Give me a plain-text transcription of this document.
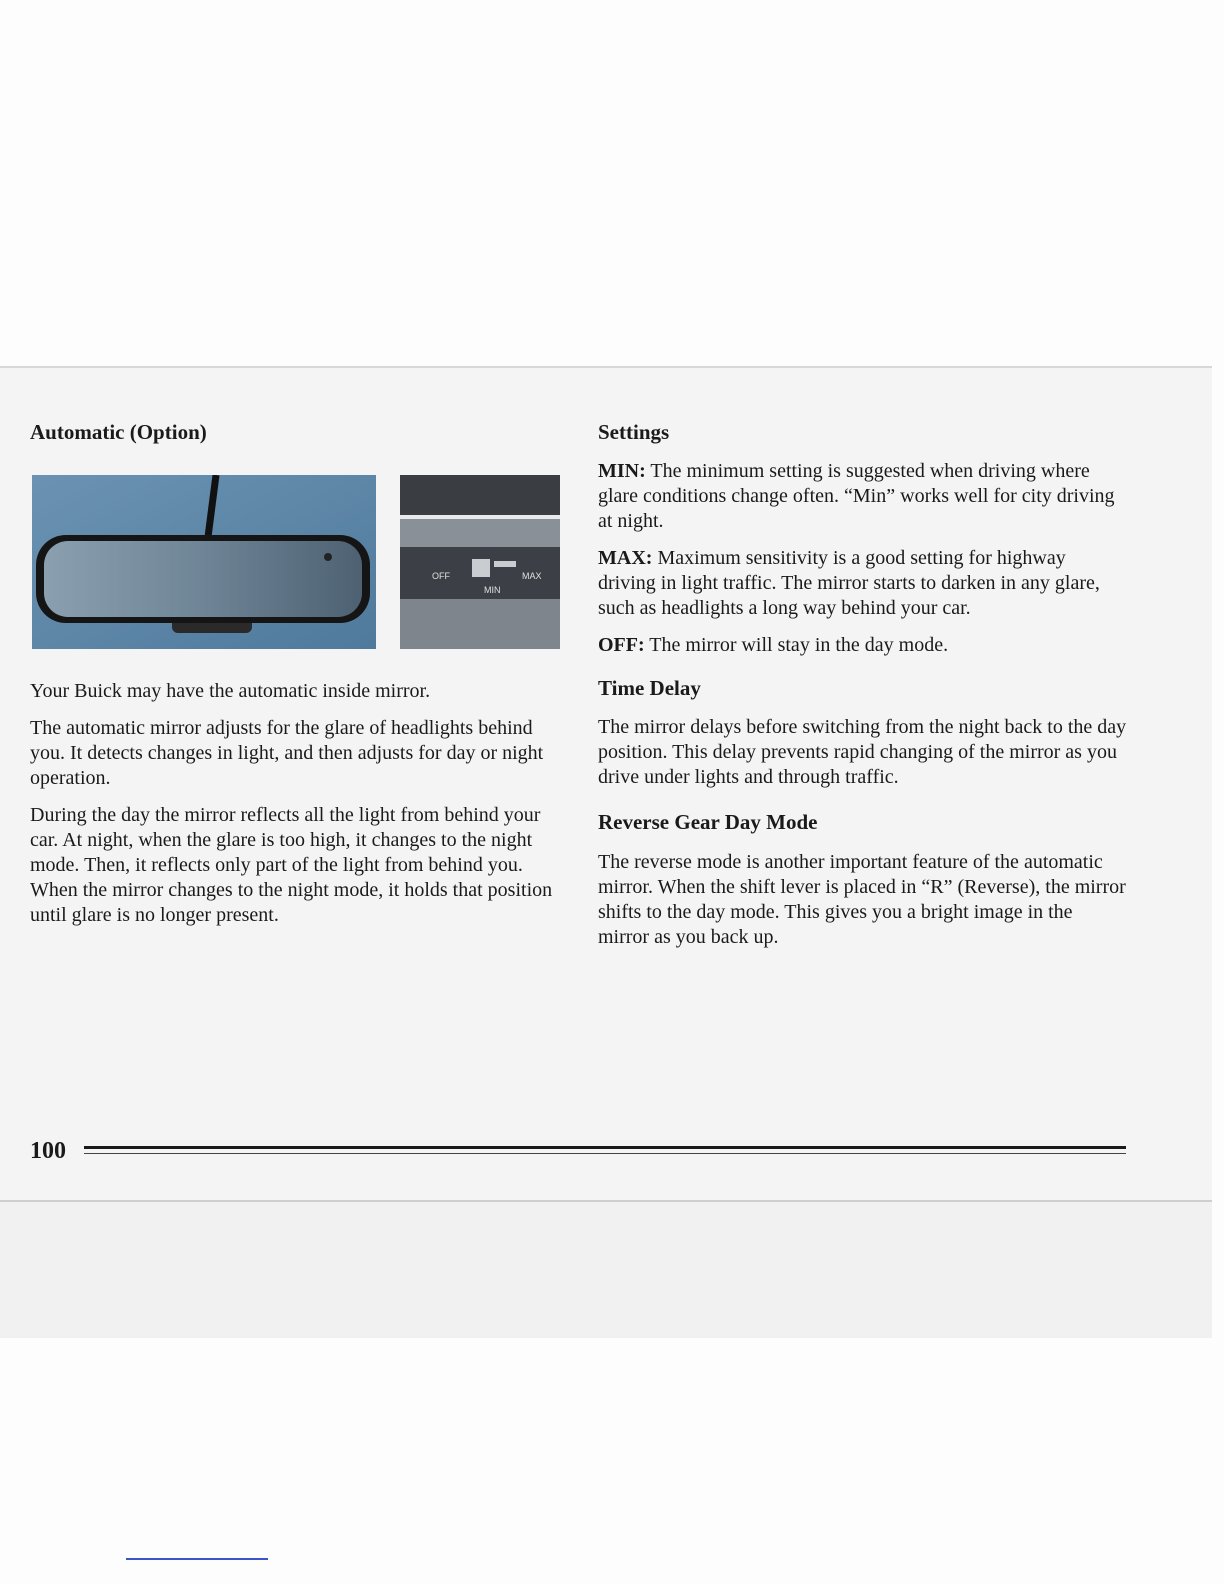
Automatic (Option)
OFF
MIN
MAX

Your Buick may have the automatic inside mirror.

The automatic mirror adjusts for the glare of headlights behind you. It detects changes in light, and then adjusts for day or night operation.

During the day the mirror reflects all the light from behind your car. At night, when the glare is too high, it changes to the night mode. Then, it reflects only part of the light from behind you. When the mirror changes to the night mode, it holds that position until glare is no longer present.

Settings

MIN: The minimum setting is suggested when driving where glare conditions change often. “Min” works well for city driving at night.

MAX: Maximum sensitivity is a good setting for highway driving in light traffic. The mirror starts to darken in any glare, such as headlights a long way behind your car.

OFF: The mirror will stay in the day mode.

Time Delay

The mirror delays before switching from the night back to the day position. This delay prevents rapid changing of the mirror as you drive under lights and through traffic.

Reverse Gear Day Mode

The reverse mode is another important feature of the automatic mirror. When the shift lever is placed in “R” (Reverse), the mirror shifts to the day mode. This gives you a bright image in the mirror as you back up.

100
